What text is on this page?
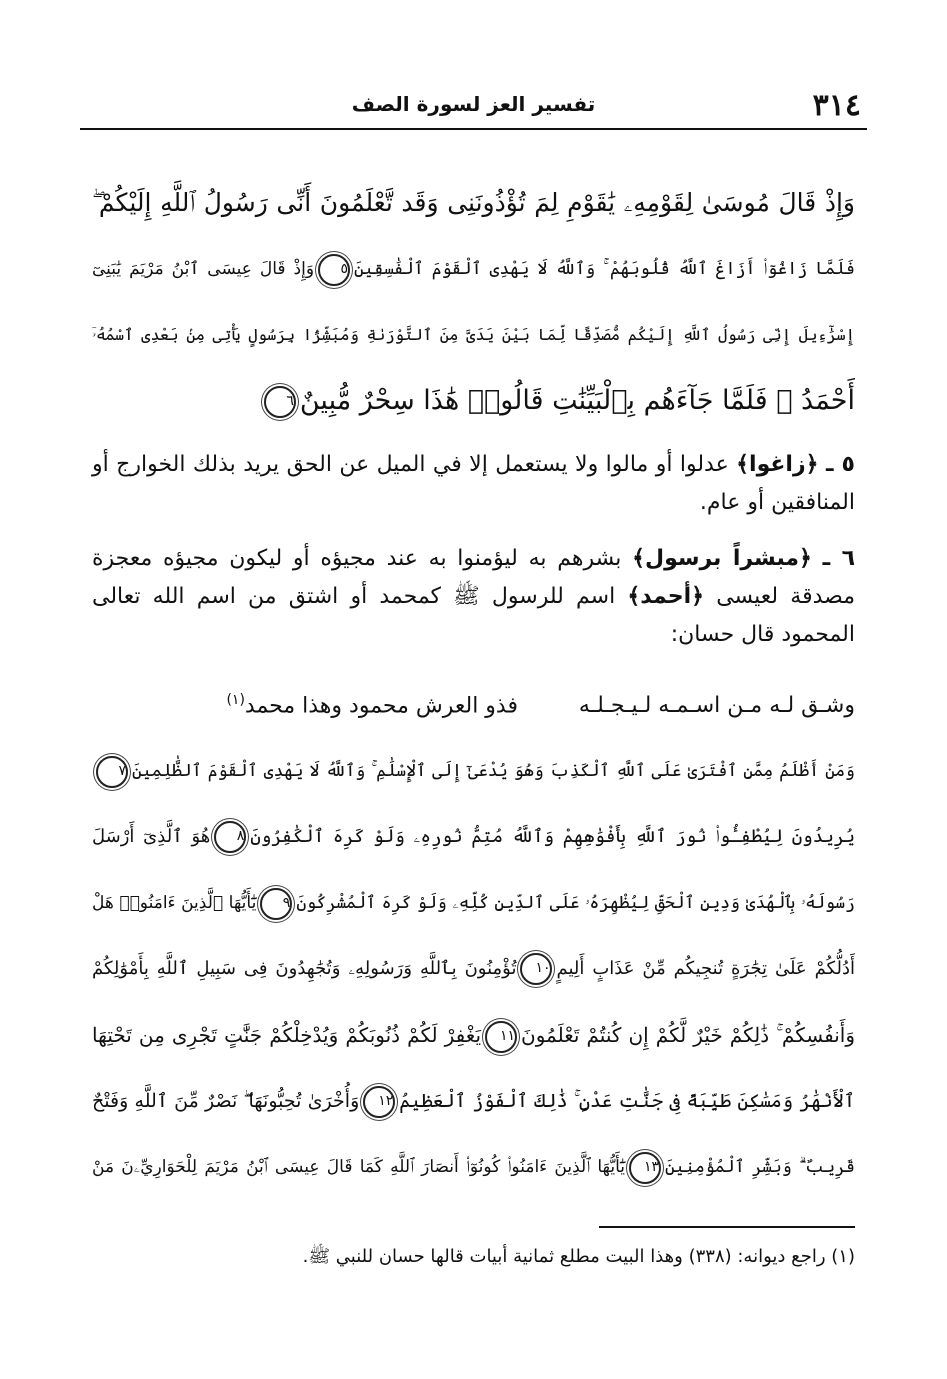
٣١٤
تفسير العز لسورة الصف
وَإِذْ قَالَ مُوسَىٰ لِقَوْمِهِۦ يَٰقَوْمِ لِمَ تُؤْذُونَنِى وَقَد تَّعْلَمُونَ أَنِّى رَسُولُ ٱللَّهِ إِلَيْكُمْ ۖ
فَلَمَّا زَاغُوٓا۟ أَزَاغَ ٱللَّهُ قُلُوبَهُمْ ۚ وَٱللَّهُ لَا يَهْدِى ٱلْقَوْمَ ٱلْفَٰسِقِينَ٥وَإِذْ قَالَ عِيسَى ٱبْنُ مَرْيَمَ يَٰبَنِىٓ
إِسْرَٰٓءِيلَ إِنِّى رَسُولُ ٱللَّهِ إِلَيْكُم مُّصَدِّقًا لِّمَا بَيْنَ يَدَىَّ مِنَ ٱلتَّوْرَىٰةِ وَمُبَشِّرًۢا بِرَسُولٍ يَأْتِى مِنۢ بَعْدِى ٱسْمُهُۥٓ
أَحْمَدُ ۖ فَلَمَّا جَآءَهُم بِٱلْبَيِّنَٰتِ قَالُوا۟ هَٰذَا سِحْرٌ مُّبِينٌ٦

٥ ـ ﴿زاغوا﴾ عدلوا أو مالوا ولا يستعمل إلا في الميل عن الحق يريد بذلك الخوارج أو المنافقين أو عام.

٦ ـ ﴿مبشراً برسول﴾ بشرهم به ليؤمنوا به عند مجيؤه أو ليكون مجيؤه معجزة مصدقة لعيسى ﴿أحمد﴾ اسم للرسول ﷺ كمحمد أو اشتق من اسم الله تعالى المحمود قال حسان:

وشـق لـه مـن اسـمـه لـيـجـلـه فذو العرش محمود وهذا محمد$^{(١)}$
وَمَنْ أَظْلَمُ مِمَّنِ ٱفْتَرَىٰ عَلَى ٱللَّهِ ٱلْكَذِبَ وَهُوَ يُدْعَىٰٓ إِلَى ٱلْإِسْلَٰمِ ۚ وَٱللَّهُ لَا يَهْدِى ٱلْقَوْمَ ٱلظَّٰلِمِينَ٧
يُرِيدُونَ لِيُطْفِـُٔوا۟ نُورَ ٱللَّهِ بِأَفْوَٰهِهِمْ وَٱللَّهُ مُتِمُّ نُورِهِۦ وَلَوْ كَرِهَ ٱلْكَٰفِرُونَ٨هُوَ ٱلَّذِىٓ أَرْسَلَ
رَسُولَهُۥ بِٱلْهُدَىٰ وَدِينِ ٱلْحَقِّ لِيُظْهِرَهُۥ عَلَى ٱلدِّينِ كُلِّهِۦ وَلَوْ كَرِهَ ٱلْمُشْرِكُونَ٩يَٰٓأَيُّهَا ٱلَّذِينَ ءَامَنُوا۟ هَلْ
أَدُلُّكُمْ عَلَىٰ تِجَٰرَةٍ تُنجِيكُم مِّنْ عَذَابٍ أَلِيمٍ١٠تُؤْمِنُونَ بِٱللَّهِ وَرَسُولِهِۦ وَتُجَٰهِدُونَ فِى سَبِيلِ ٱللَّهِ بِأَمْوَٰلِكُمْ
وَأَنفُسِكُمْ ۚ ذَٰلِكُمْ خَيْرٌ لَّكُمْ إِن كُنتُمْ تَعْلَمُونَ١١يَغْفِرْ لَكُمْ ذُنُوبَكُمْ وَيُدْخِلْكُمْ جَنَّٰتٍ تَجْرِى مِن تَحْتِهَا
ٱلْأَنْهَٰرُ وَمَسَٰكِنَ طَيِّبَةً فِى جَنَّٰتِ عَدْنٍ ۚ ذَٰلِكَ ٱلْفَوْزُ ٱلْعَظِيمُ١٢وَأُخْرَىٰ تُحِبُّونَهَا ۖ نَصْرٌ مِّنَ ٱللَّهِ وَفَتْحٌ
قَرِيبٌ ۗ وَبَشِّرِ ٱلْمُؤْمِنِينَ١٣يَٰٓأَيُّهَا ٱلَّذِينَ ءَامَنُوا۟ كُونُوٓا۟ أَنصَارَ ٱللَّهِ كَمَا قَالَ عِيسَى ٱبْنُ مَرْيَمَ لِلْحَوَارِيِّۦنَ مَنْ
(١) راجع ديوانه: (٣٣٨) وهذا البيت مطلع ثمانية أبيات قالها حسان للنبي ﷺ.
